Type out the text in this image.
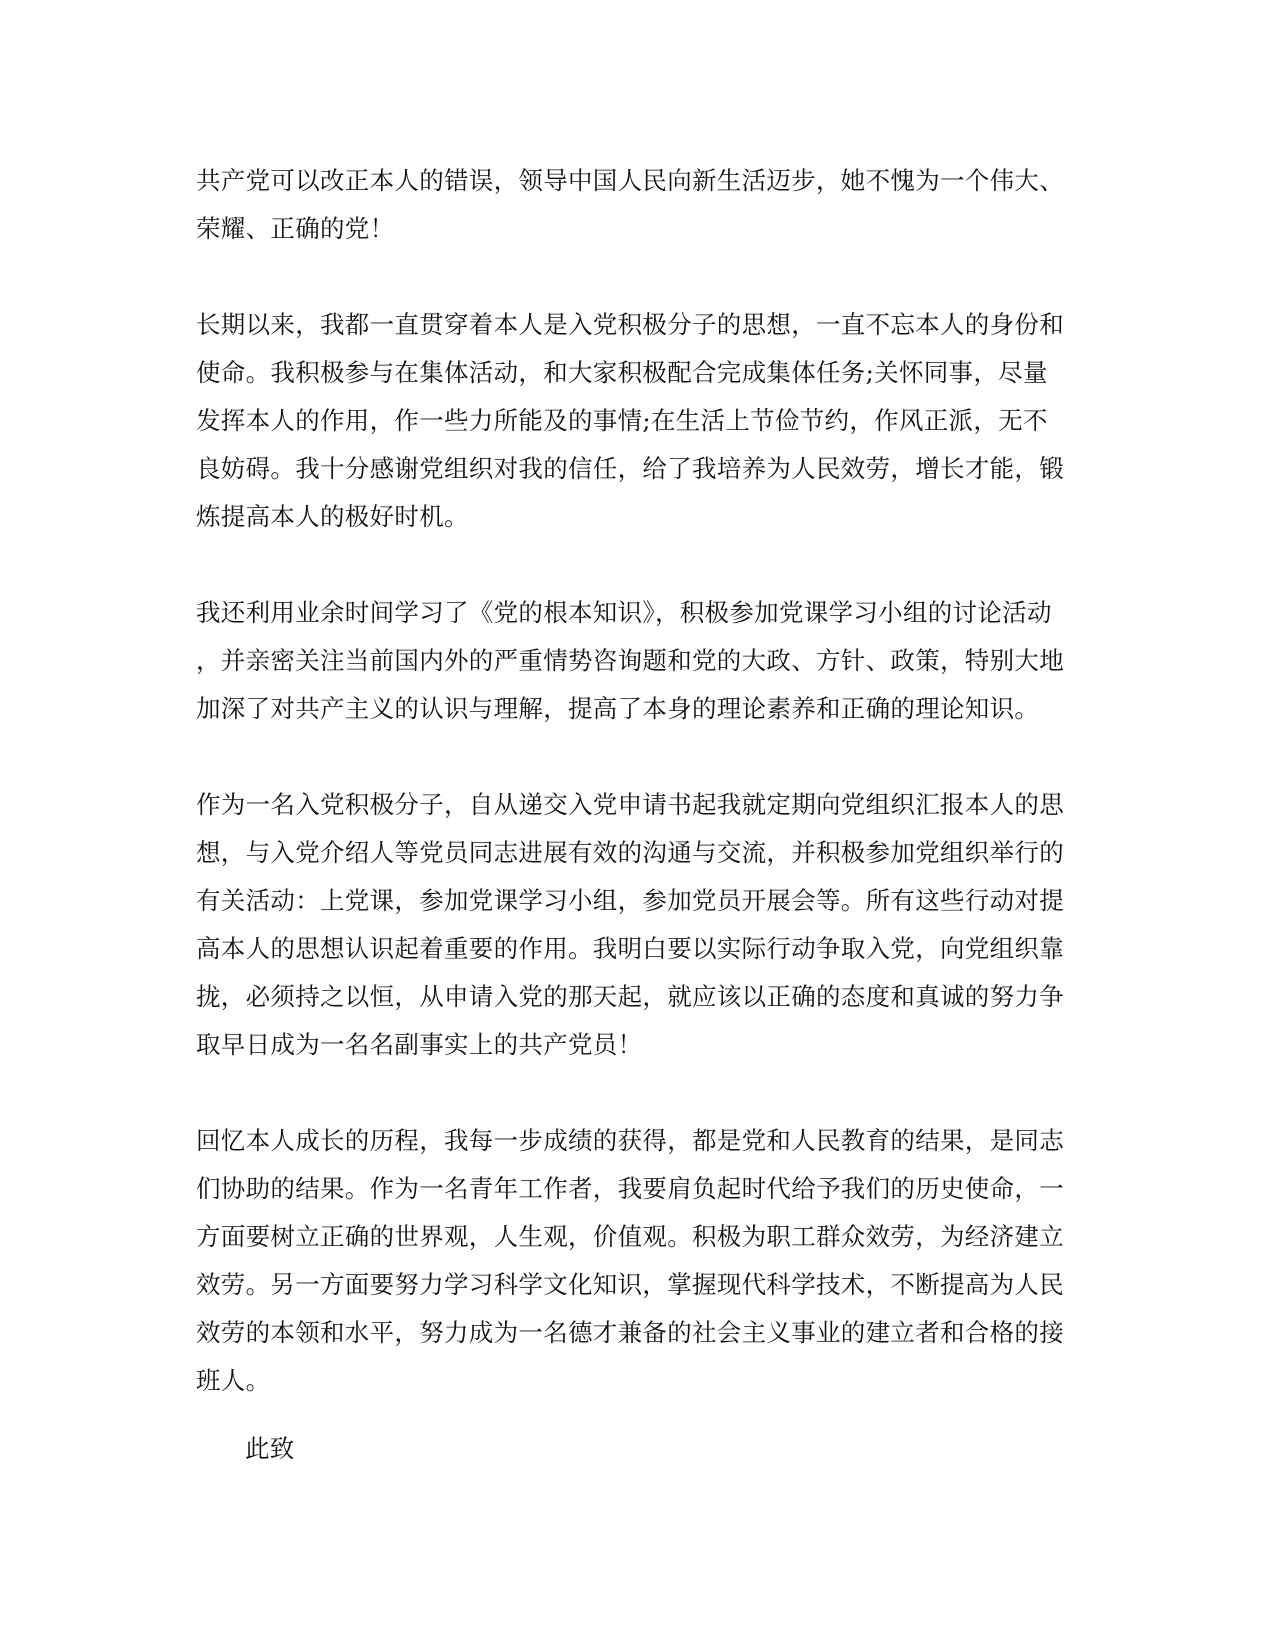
共产党可以改正本人的错误，领导中国人民向新生活迈步，她不愧为一个伟大、
荣耀、正确的党！
长期以来，我都一直贯穿着本人是入党积极分子的思想，一直不忘本人的身份和
使命。我积极参与在集体活动，和大家积极配合完成集体任务;关怀同事，尽量
发挥本人的作用，作一些力所能及的事情;在生活上节俭节约，作风正派，无不
良妨碍。我十分感谢党组织对我的信任，给了我培养为人民效劳，增长才能，锻
炼提高本人的极好时机。
我还利用业余时间学习了《党的根本知识》，积极参加党课学习小组的讨论活动
，并亲密关注当前国内外的严重情势咨询题和党的大政、方针、政策，特别大地
加深了对共产主义的认识与理解，提高了本身的理论素养和正确的理论知识。
作为一名入党积极分子，自从递交入党申请书起我就定期向党组织汇报本人的思
想，与入党介绍人等党员同志进展有效的沟通与交流，并积极参加党组织举行的
有关活动：上党课，参加党课学习小组，参加党员开展会等。所有这些行动对提
高本人的思想认识起着重要的作用。我明白要以实际行动争取入党，向党组织靠
拢，必须持之以恒，从申请入党的那天起，就应该以正确的态度和真诚的努力争
取早日成为一名名副事实上的共产党员！
回忆本人成长的历程，我每一步成绩的获得，都是党和人民教育的结果，是同志
们协助的结果。作为一名青年工作者，我要肩负起时代给予我们的历史使命，一
方面要树立正确的世界观，人生观，价值观。积极为职工群众效劳，为经济建立
效劳。另一方面要努力学习科学文化知识，掌握现代科学技术，不断提高为人民
效劳的本领和水平，努力成为一名德才兼备的社会主义事业的建立者和合格的接
班人。
此致
